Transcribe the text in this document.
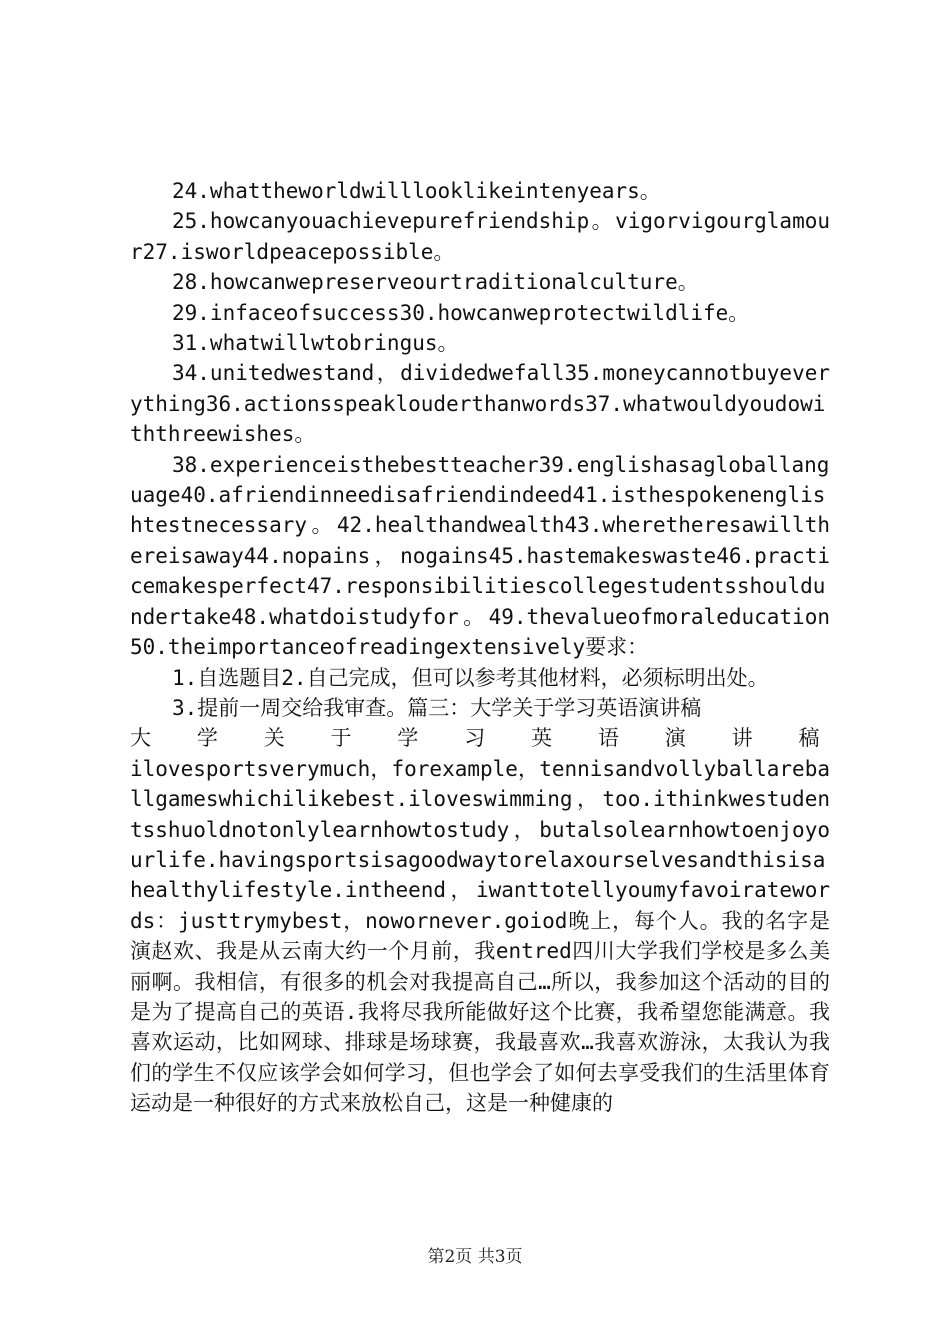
24.whattheworldwilllooklikeintenyears。

25.howcanyouachievepurefriendship。vigorvigourglamour27.isworldpeacepossible。

28.howcanwepreserveourtraditionalculture。

29.infaceofsuccess30.howcanweprotectwildlife。

31.whatwillwtobringus。

34.unitedwestand，dividedwefall35.moneycannotbuyeverything36.actionsspeaklouderthanwords37.whatwouldyoudowiththreewishes。

38.experienceisthebestteacher39.englishasagloballanguage40.afriendinneedisafriendindeed41.isthespokenenglishtestnecessary。42.healthandwealth43.wheretheresawillthereisaway44.nopains，nogains45.hastemakeswaste46.practicemakesperfect47.responsibilitiescollegestudentsshouldundertake48.whatdoistudyfor。49.thevalueofmoraleducation50.theimportanceofreadingextensively要求：

1.自选题目2.自己完成，但可以参考其他材料，必须标明出处。

3.提前一周交给我审查。篇三：大学关于学习英语演讲稿

大学关于学习英语演讲稿

ilovesportsverymuch，forexample，tennisandvollyballareballgameswhichilikebest.iloveswimming，too.ithinkwestudentsshuoldnotonlylearnhowtostudy，butalsolearnhowtoenjoyourlife.havingsportsisagoodwaytorelaxourselvesandthisisahealthylifestyle.intheend，iwanttotellyoumyfavoiratewords：justtrymybest，nowornever.goiod晚上，每个人。我的名字是演赵欢、我是从云南大约一个月前，我entred四川大学我们学校是多么美丽啊。我相信，有很多的机会对我提高自己…所以，我参加这个活动的目的是为了提高自己的英语.我将尽我所能做好这个比赛，我希望您能满意。我喜欢运动，比如网球、排球是场球赛，我最喜欢…我喜欢游泳，太我认为我们的学生不仅应该学会如何学习，但也学会了如何去享受我们的生活里体育运动是一种很好的方式来放松自己，这是一种健康的

第2页 共3页
